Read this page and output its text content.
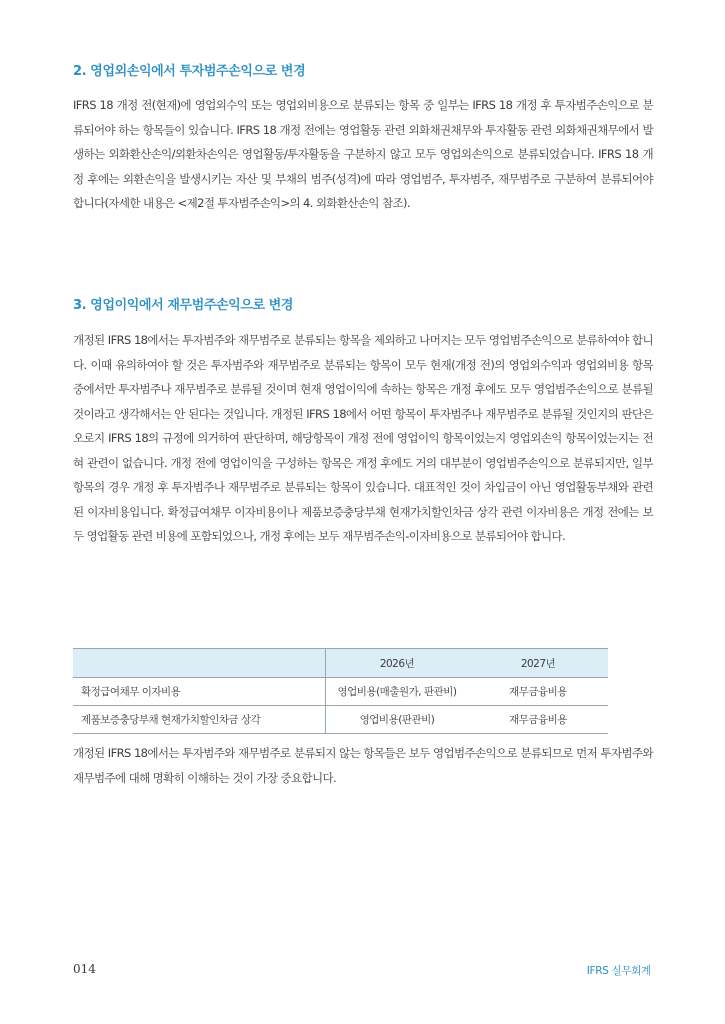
2. 영업외손익에서 투자범주손익으로 변경
IFRS 18 개정 전(현재)에 영업외수익 또는 영업외비용으로 분류되는 항목 중 일부는 IFRS 18 개정 후 투자범주손익으로 분류되어야 하는 항목들이 있습니다. IFRS 18 개정 전에는 영업활동 관련 외화채권채무와 투자활동 관련 외화채권채무에서 발생하는 외화환산손익/외환차손익은 영업활동/투자활동을 구분하지 않고 모두 영업외손익으로 분류되었습니다. IFRS 18 개정 후에는 외환손익을 발생시키는 자산 및 부채의 범주(성격)에 따라 영업범주, 투자범주, 재무범주로 구분하여 분류되어야 합니다(자세한 내용은 <제2절 투자범주손익>의 4. 외화환산손익 참조).
3. 영업이익에서 재무범주손익으로 변경
개정된 IFRS 18에서는 투자범주와 재무범주로 분류되는 항목을 제외하고 나머지는 모두 영업범주손익으로 분류하여야 합니다. 이때 유의하여야 할 것은 투자범주와 재무범주로 분류되는 항목이 모두 현재(개정 전)의 영업외수익과 영업외비용 항목 중에서만 투자범주나 재무범주로 분류될 것이며 현재 영업이익에 속하는 항목은 개정 후에도 모두 영업범주손익으로 분류될 것이라고 생각해서는 안 된다는 것입니다. 개정된 IFRS 18에서 어떤 항목이 투자범주나 재무범주로 분류될 것인지의 판단은 오로지 IFRS 18의 규정에 의거하여 판단하며, 해당항목이 개정 전에 영업이익 항목이었는지 영업외손익 항목이었는지는 전혀 관련이 없습니다. 개정 전에 영업이익을 구성하는 항목은 개정 후에도 거의 대부분이 영업범주손익으로 분류되지만, 일부항목의 경우 개정 후 투자범주나 재무범주로 분류되는 항목이 있습니다. 대표적인 것이 차입금이 아닌 영업활동부채와 관련된 이자비용입니다. 확정급여채무 이자비용이나 제품보증충당부채 현재가치할인차금 상각 관련 이자비용은 개정 전에는 보두 영업활동 관련 비용에 포함되었으나, 개정 후에는 보두 재무범주손익-이자비용으로 분류되어야 합니다.
	2026년	2027년
확정급여채무 이자비용	영업비용(매출원가, 판관비)	재무금융비용
제품보증충당부채 현재가치할인차금 상각	영업비용(판관비)	재무금융비용
개정된 IFRS 18에서는 투자범주와 재무범주로 분류되지 않는 항목들은 보두 영업범주손익으로 분류되므로 먼저 투자범주와 재무범주에 대해 명확히 이해하는 것이 가장 중요합니다.
014	IFRS 실무회계
